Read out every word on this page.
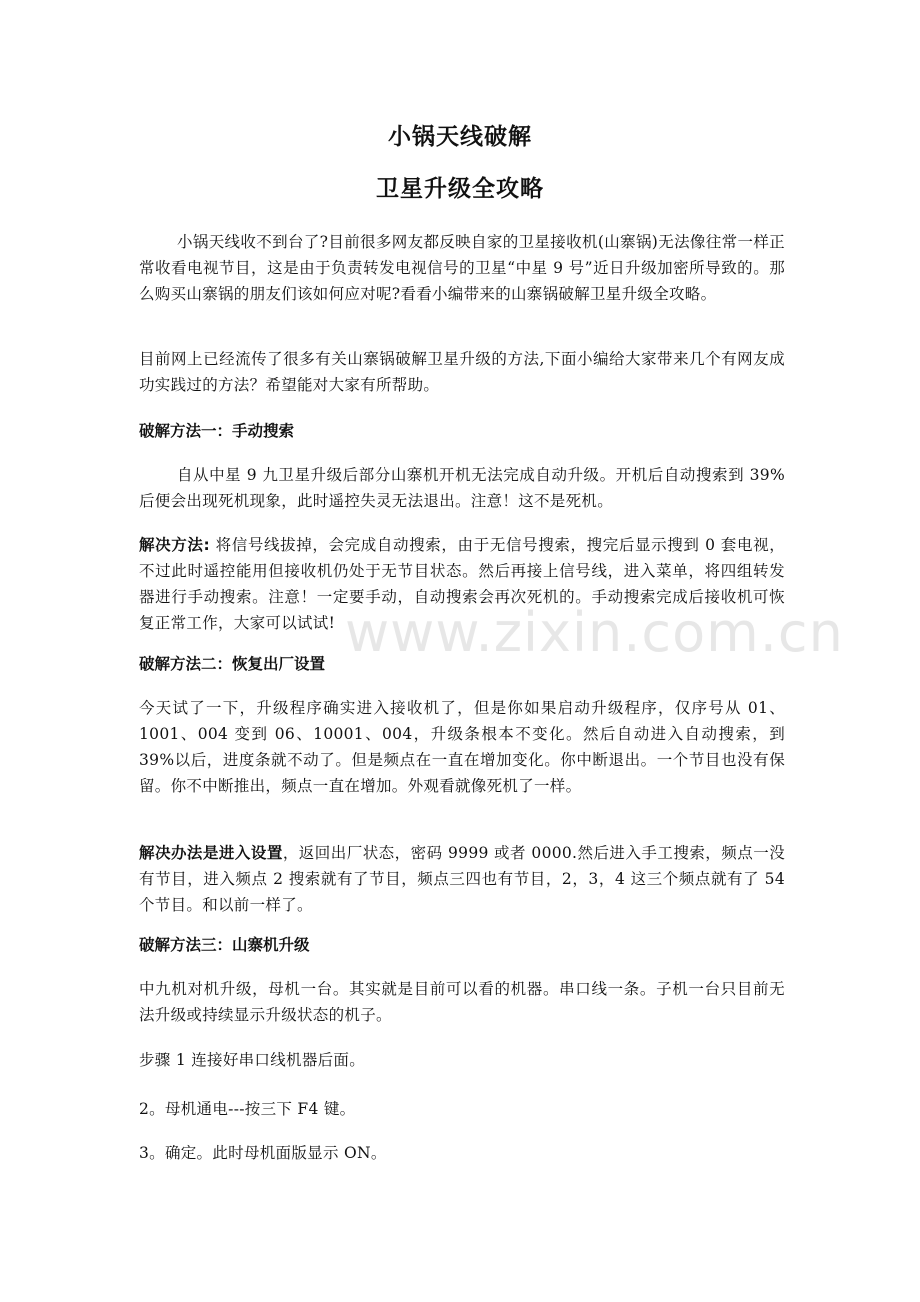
小锅天线破解
卫星升级全攻略

小锅天线收不到台了?目前很多网友都反映自家的卫星接收机(山寨锅)无法像往常一样正常收看电视节目，这是由于负责转发电视信号的卫星“中星 9 号”近日升级加密所导致的。那么购买山寨锅的朋友们该如何应对呢?看看小编带来的山寨锅破解卫星升级全攻略。

目前网上已经流传了很多有关山寨锅破解卫星升级的方法,下面小编给大家带来几个有网友成功实践过的方法？希望能对大家有所帮助。

破解方法一：手动搜索

自从中星 9 九卫星升级后部分山寨机开机无法完成自动升级。开机后自动搜索到 39%后便会出现死机现象，此时遥控失灵无法退出。注意！这不是死机。

解决方法: 将信号线拔掉，会完成自动搜索，由于无信号搜索，搜完后显示搜到 0 套电视，不过此时遥控能用但接收机仍处于无节目状态。然后再接上信号线，进入菜单，将四组转发器进行手动搜索。注意！一定要手动，自动搜索会再次死机的。手动搜索完成后接收机可恢复正常工作，大家可以试试!

破解方法二：恢复出厂设置

今天试了一下，升级程序确实进入接收机了，但是你如果启动升级程序，仅序号从 01、1001、004 变到 06、10001、004，升级条根本不变化。然后自动进入自动搜索，到 39%以后，进度条就不动了。但是频点在一直在增加变化。你中断退出。一个节目也没有保留。你不中断推出，频点一直在增加。外观看就像死机了一样。

解决办法是进入设置，返回出厂状态，密码 9999 或者 0000.然后进入手工搜索，频点一没有节目，进入频点 2 搜索就有了节目，频点三四也有节目，2，3，4 这三个频点就有了 54 个节目。和以前一样了。

破解方法三：山寨机升级

中九机对机升级，母机一台。其实就是目前可以看的机器。串口线一条。子机一台只目前无法升级或持续显示升级状态的机子。

步骤 1 连接好串口线机器后面。

2。母机通电---按三下 F4 键。

3。确定。此时母机面版显示 ON。

www.zixin.com.cn
